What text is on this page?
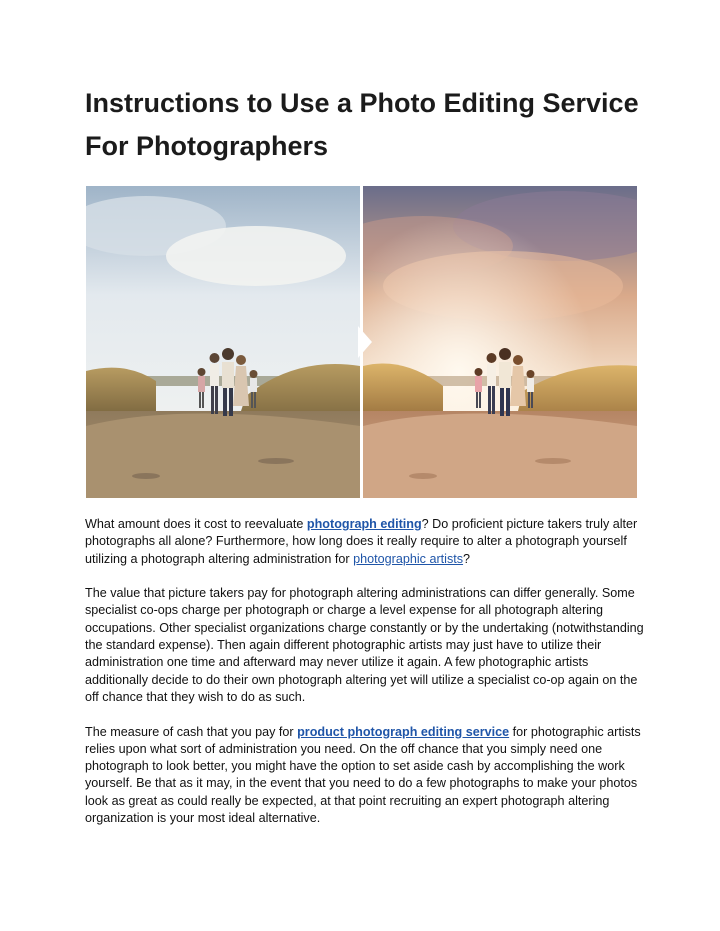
Instructions to Use a Photo Editing Service For Photographers

What amount does it cost to reevaluate photograph editing? Do proficient picture takers truly alter photographs all alone? Furthermore, how long does it really require to alter a photograph yourself utilizing a photograph altering administration for photographic artists?

The value that picture takers pay for photograph altering administrations can differ generally. Some specialist co-ops charge per photograph or charge a level expense for all photograph altering occupations. Other specialist organizations charge constantly or by the undertaking (notwithstanding the standard expense). Then again different photographic artists may just have to utilize their administration one time and afterward may never utilize it again. A few photographic artists additionally decide to do their own photograph altering yet will utilize a specialist co-op again on the off chance that they wish to do as such.

The measure of cash that you pay for product photograph editing service for photographic artists relies upon what sort of administration you need. On the off chance that you simply need one photograph to look better, you might have the option to set aside cash by accomplishing the work yourself. Be that as it may, in the event that you need to do a few photographs to make your photos look as great as could really be expected, at that point recruiting an expert photograph altering organization is your most ideal alternative.
